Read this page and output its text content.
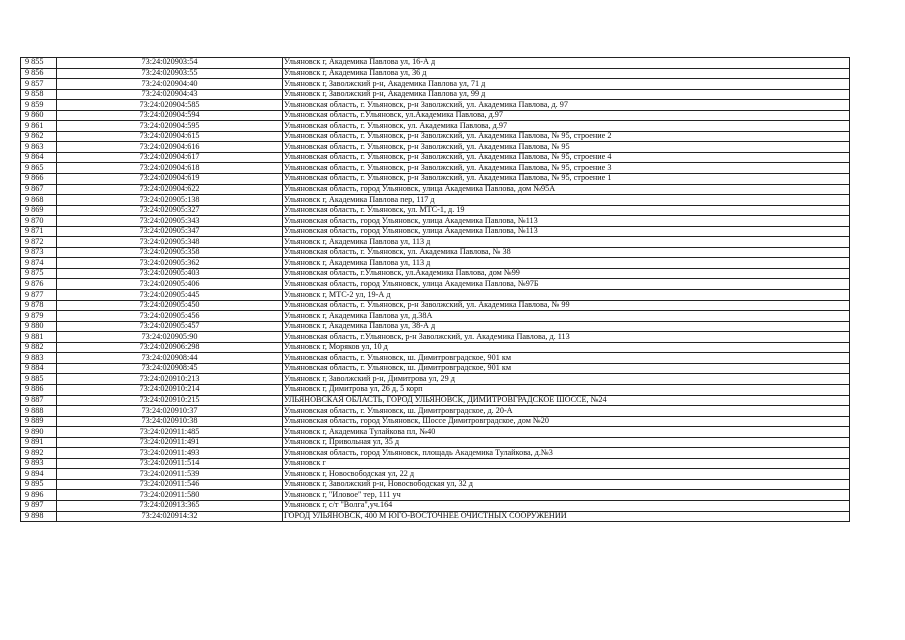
9 855	73:24:020903:54	Ульяновск г, Академика Павлова ул, 16-А д
9 856	73:24:020903:55	Ульяновск г, Академика Павлова ул, 36 д
9 857	73:24:020904:40	Ульяновск г, Заволжский р-н, Академика Павлова ул, 71 д
9 858	73:24:020904:43	Ульяновск г, Заволжский р-н, Академика Павлова ул, 99 д
9 859	73:24:020904:585	Ульяновская область, г. Ульяновск, р-н Заволжский, ул. Академика Павлова, д. 97
9 860	73:24:020904:594	Ульяновская область, г.Ульяновск, ул.Академика Павлова, д.97
9 861	73:24:020904:595	Ульяновская область, г. Ульяновск, ул. Академика Павлова, д.97
9 862	73:24:020904:615	Ульяновская область, г. Ульяновск, р-н Заволжский, ул. Академика Павлова, № 95, строение 2
9 863	73:24:020904:616	Ульяновская область, г. Ульяновск, р-н Заволжский, ул. Академика Павлова, № 95
9 864	73:24:020904:617	Ульяновская область, г. Ульяновск, р-н Заволжский, ул. Академика Павлова, № 95, строение 4
9 865	73:24:020904:618	Ульяновская область, г. Ульяновск, р-н Заволжский, ул. Академика Павлова, № 95, строение 3
9 866	73:24:020904:619	Ульяновская область, г. Ульяновск, р-н Заволжский, ул. Академика Павлова, № 95, строение 1
9 867	73:24:020904:622	Ульяновская область, город Ульяновск, улица Академика Павлова, дом №95А
9 868	73:24:020905:138	Ульяновск г, Академика Павлова пер, 117 д
9 869	73:24:020905:327	Ульяновская область, г. Ульяновск, ул. МТС-1, д. 19
9 870	73:24:020905:343	Ульяновская область, город Ульяновск, улица Академика Павлова, №113
9 871	73:24:020905:347	Ульяновская область, город Ульяновск, улица Академика Павлова, №113
9 872	73:24:020905:348	Ульяновск г, Академика Павлова ул, 113 д
9 873	73:24:020905:358	Ульяновская область, г. Ульяновск, ул. Академика Павлова, № 38
9 874	73:24:020905:362	Ульяновск г, Академика Павлова ул, 113 д
9 875	73:24:020905:403	Ульяновская область, г.Ульяновск, ул.Академика Павлова, дом №99
9 876	73:24:020905:406	Ульяновская область, город Ульяновск, улица Академика Павлова, №97Б
9 877	73:24:020905:445	Ульяновск г, МТС-2 ул, 19-А д
9 878	73:24:020905:450	Ульяновская область, г. Ульяновск, р-н Заволжский, ул. Академика Павлова, № 99
9 879	73:24:020905:456	Ульяновск г, Академика Павлова ул, д.38А
9 880	73:24:020905:457	Ульяновск г, Академика Павлова ул, 38-А д
9 881	73:24:020905:90	Ульяновская область, г.Ульяновск, р-н Заволжский, ул. Академика Павлова, д. 113
9 882	73:24:020906:298	Ульяновск г, Моряков ул, 10 д
9 883	73:24:020908:44	Ульяновская область, г. Ульяновск, ш. Димитровградское, 901 км
9 884	73:24:020908:45	Ульяновская область, г. Ульяновск, ш. Димитровградское, 901 км
9 885	73:24:020910:213	Ульяновск г, Заволжский р-н, Димитрова ул, 29 д
9 886	73:24:020910:214	Ульяновск г, Димитрова ул, 26 д, 5 корп
9 887	73:24:020910:215	УЛЬЯНОВСКАЯ ОБЛАСТЬ, ГОРОД УЛЬЯНОВСК, ДИМИТРОВГРАДСКОЕ ШОССЕ, №24
9 888	73:24:020910:37	Ульяновская область, г. Ульяновск, ш. Димитровградское, д. 20-А
9 889	73:24:020910:38	Ульяновская область, город Ульяновск, Шоссе Димитровградское, дом №20
9 890	73:24:020911:485	Ульяновск г, Академика Тулайкова пл, №40
9 891	73:24:020911:491	Ульяновск г, Привольная ул, 35 д
9 892	73:24:020911:493	Ульяновская область, город Ульяновск, площадь Академика Тулайкова, д.№3
9 893	73:24:020911:514	Ульяновск г
9 894	73:24:020911:539	Ульяновск г, Новосвободская ул, 22 д
9 895	73:24:020911:546	Ульяновск г, Заволжский р-н, Новосвободская ул, 32 д
9 896	73:24:020911:580	Ульяновск г, "Иловое" тер, 111 уч
9 897	73:24:020913:365	Ульяновск г, с/т "Волга",уч.164
9 898	73:24:020914:32	ГОРОД УЛЬЯНОВСК, 400 М ЮГО-ВОСТОЧНЕЕ ОЧИСТНЫХ СООРУЖЕНИЙ
